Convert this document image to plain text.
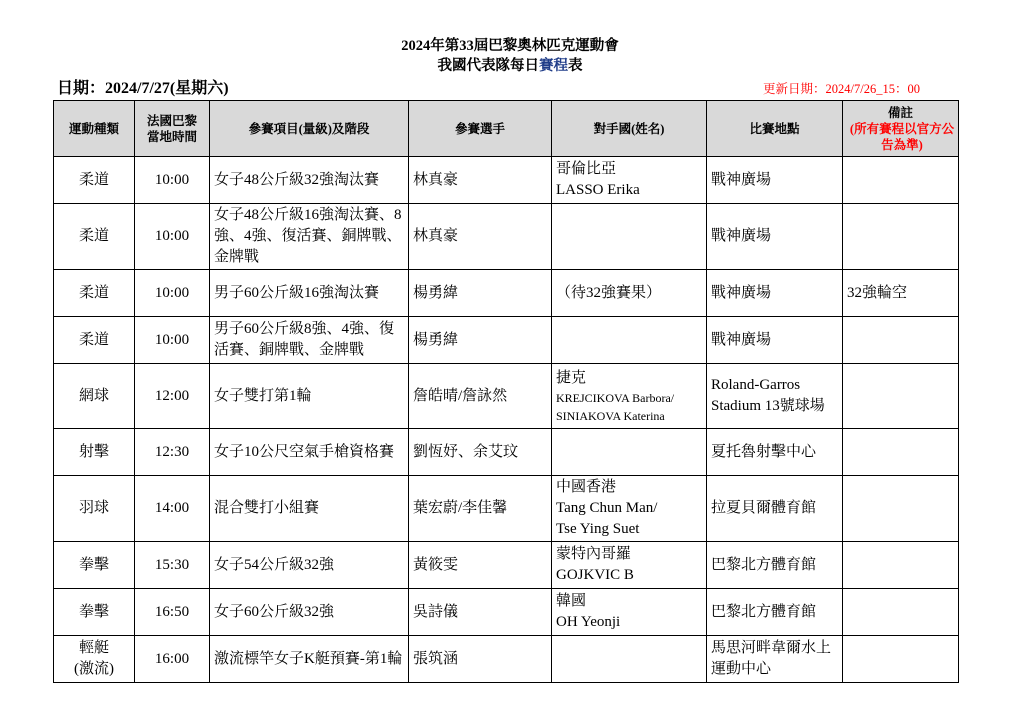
2024年第33屆巴黎奧林匹克運動會
我國代表隊每日賽程表
日期：2024/7/27(星期六)	更新日期：2024/7/26_15：00
運動種類	法國巴黎當地時間	參賽項目(量級)及階段	參賽選手	對手國(姓名)	比賽地點	備註
(所有賽程以官方公告為準)
柔道	10:00	女子48公斤級32強淘汰賽	林真豪	哥倫比亞
LASSO Erika	戰神廣場	
柔道	10:00	女子48公斤級16強淘汰賽、8強、4強、復活賽、銅牌戰、金牌戰	林真豪		戰神廣場	
柔道	10:00	男子60公斤級16強淘汰賽	楊勇緯	（待32強賽果）	戰神廣場	32強輪空
柔道	10:00	男子60公斤級8強、4強、復活賽、銅牌戰、金牌戰	楊勇緯		戰神廣場	
網球	12:00	女子雙打第1輪	詹皓晴/詹詠然	捷克
KREJCIKOVA Barbora/
SINIAKOVA Katerina	Roland-Garros Stadium 13號球場	
射擊	12:30	女子10公尺空氣手槍資格賽	劉恆妤、余艾玟		夏托魯射擊中心	
羽球	14:00	混合雙打小組賽	葉宏蔚/李佳馨	中國香港
Tang Chun Man/
Tse Ying Suet	拉夏貝爾體育館	
拳擊	15:30	女子54公斤級32強	黃筱雯	蒙特內哥羅
GOJKVIC B	巴黎北方體育館	
拳擊	16:50	女子60公斤級32強	吳詩儀	韓國
OH Yeonji	巴黎北方體育館	
輕艇(激流)	16:00	激流標竿女子K艇預賽-第1輪	張筑涵		馬思河畔韋爾水上運動中心	
